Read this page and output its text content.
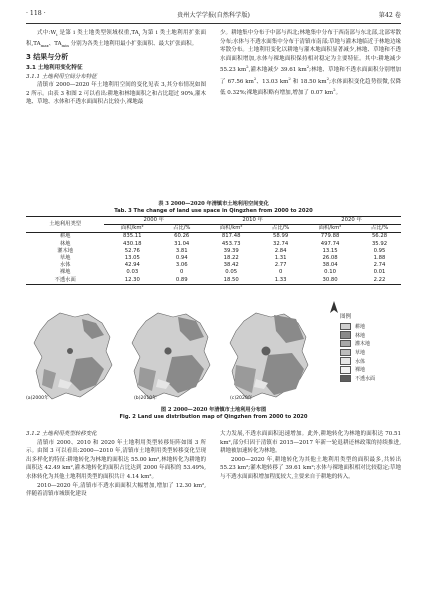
· 118 ·	贵州大学学报(自然科学版)	第42 卷

式中$:W_i$ 是第 i 类土地类型领域权重$,TA_i$ 为第 i 类土地利用扩张面积$,TA_{max}$、$TA_{min}$ 分别为各类土地利用最小扩张面积、最大扩张面积。

3 结果与分析

3.1 土地利用变化特征

3.1.1 土地利用空间分布特征

清镇市 2000—2020 年土地利用空间的变化见表 3,其分布情况如图 2 所示。由表 3 和图 2 可以看出:耕地和林地面积之和占比超过 90%,灌木地、草地、水体和不透水面面积占比较小,裸地最

少。耕地集中分布于中部与西北;林地集中分布于西南部与东北部,北部零散分布;水体与不透水面集中分布于清镇市南部;草地与灌木地临近于林地边缘零散分布。土地利用变化以耕地与灌木地面积显著减少,林地、草地和不透水面面积增加,水体与裸地面积保持相对稳定为主要特征。其中:耕地减少 55.23 $km^2$,灌木地减少 39.61 $km^2$;林地、草地和不透水面面积分别增加了 67.56 $km^2$、13.03 $km^2$ 和 18.50 $km^2$;水体面积变化趋势很微,仅降低 0.32%;裸地面积略有增加,增加了 0.07 $km^2$。

表 3 2000—2020 年清镇市土地利用空间变化
Tab. 3 The change of land use space in Qingzhen from 2000 to 2020
土地利用类型	2000 年		2010 年		2020 年	
	面积/km²	占比/%	面积/km²	占比/%	面积/km²	占比/%
耕地	835.11	60.26	817.48	58.99	779.88	56.28
林地	430.18	31.04	453.73	32.74	497.74	35.92
灌木地	52.76	3.81	39.39	2.84	13.15	0.95
草地	13.05	0.94	18.22	1.31	26.08	1.88
水体	42.94	3.06	38.42	2.77	38.04	2.74
裸地	0.03	0	0.05	0	0.10	0.01
不透水面	12.30	0.89	18.50	1.33	30.80	2.22
(a)2000年	(b)2010年	(c)2020年
图例
耕地
林地
灌木地
草地
水体
裸地
不透水面
图 2 2000—2020 年清镇市土地利用分布图
Fig. 2 Land use distribution map of Qingzhen from 2000 to 2020

3.1.2 土地利用类型转移变化

清镇市 2000、2010 和 2020 年土地利用类型转移矩阵如图 3 所示。由图 3 可以看出:2000—2010 年,清镇市土地利用类型转移变化呈现出多样化的特征:耕地转化为林地的面积达 55.00 km²,林地转化为耕地的面积达 42.49 km²,灌木地转化的面积占比达到 2000 年面积的 53.49%,水体转化为其他土地利用类型的面积共计 4.14 km²。

2010—2020 年,清镇市不透水面面积大幅增加,增加了 12.30 km²,伴随着清镇市城镇化建设

大力发展,不透水面面积迅速增加。此外,耕地转化为林地的面积达 70.51 km²,部分归因于清镇市 2015—2017 年新一轮退耕还林政策的持续推进,耕地被加速转化为林地。

2000—2020 年,耕地转化为其他土地利用类型的面积最多,共转出 55.23 km²;灌木地转移了 39.61 km²;水体与裸地面积相对比较稳定;草地与不透水面面积增加程度较大,主要来自于耕地的转入。
